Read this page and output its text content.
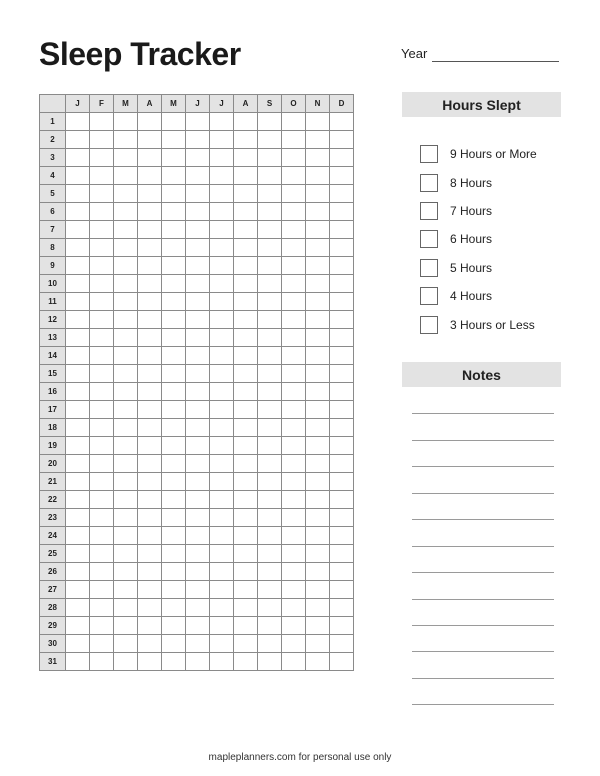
Sleep Tracker	Year
	J	F	M	A	M	J	J	A	S	O	N	D
1												
2												
3												
4												
5												
6												
7												
8												
9												
10												
11												
12												
13												
14												
15												
16												
17												
18												
19												
20												
21												
22												
23												
24												
25												
26												
27												
28												
29												
30												
31												
Hours Slept
9 Hours or More
8 Hours
7 Hours
6 Hours
5 Hours
4 Hours
3 Hours or Less
Notes
mapleplanners.com for personal use only
